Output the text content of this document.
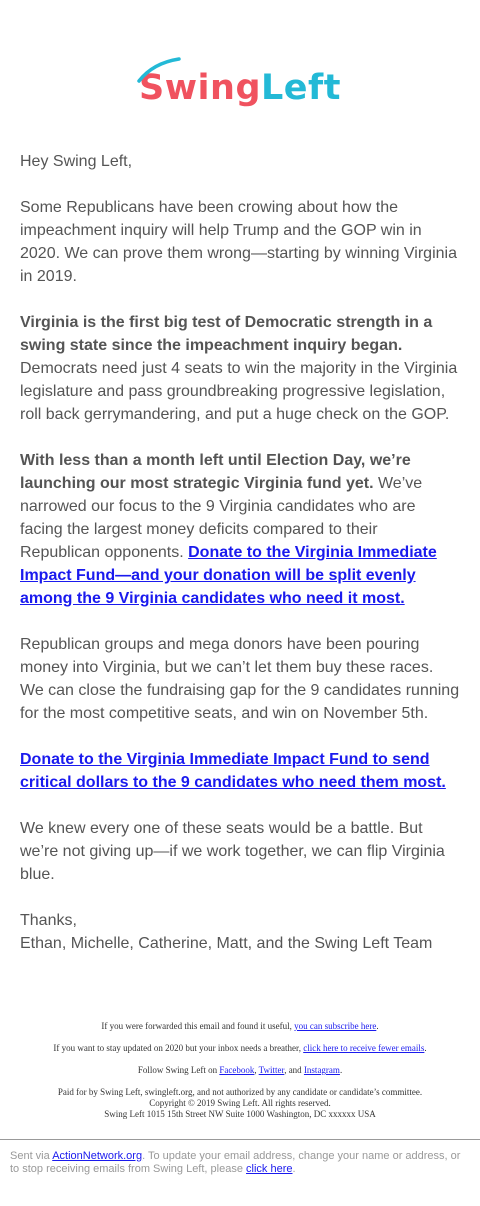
SwingLeft

Hey Swing Left,

Some Republicans have been crowing about how the impeachment inquiry will help Trump and the GOP win in 2020. We can prove them wrong—starting by winning Virginia in 2019.

Virginia is the first big test of Democratic strength in a swing state since the impeachment inquiry began. Democrats need just 4 seats to win the majority in the Virginia legislature and pass groundbreaking progressive legislation, roll back gerrymandering, and put a huge check on the GOP.

With less than a month left until Election Day, we’re launching our most strategic Virginia fund yet. We’ve narrowed our focus to the 9 Virginia candidates who are facing the largest money deficits compared to their Republican opponents. Donate to the Virginia Immediate Impact Fund—and your donation will be split evenly among the 9 Virginia candidates who need it most.

Republican groups and mega donors have been pouring money into Virginia, but we can’t let them buy these races. We can close the fundraising gap for the 9 candidates running for the most competitive seats, and win on November 5th.

Donate to the Virginia Immediate Impact Fund to send critical dollars to the 9 candidates who need them most.

We knew every one of these seats would be a battle. But we’re not giving up—if we work together, we can flip Virginia blue.

Thanks,
Ethan, Michelle, Catherine, Matt, and the Swing Left Team

If you were forwarded this email and found it useful, you can subscribe here.

If you want to stay updated on 2020 but your inbox needs a breather, click here to receive fewer emails.

Follow Swing Left on Facebook, Twitter, and Instagram.

Paid for by Swing Left, swingleft.org, and not authorized by any candidate or candidate’s committee.
Copyright © 2019 Swing Left. All rights reserved.
Swing Left 1015 15th Street NW Suite 1000 Washington, DC xxxxxx USA

Sent via ActionNetwork.org. To update your email address, change your name or address, or to stop receiving emails from Swing Left, please click here.
